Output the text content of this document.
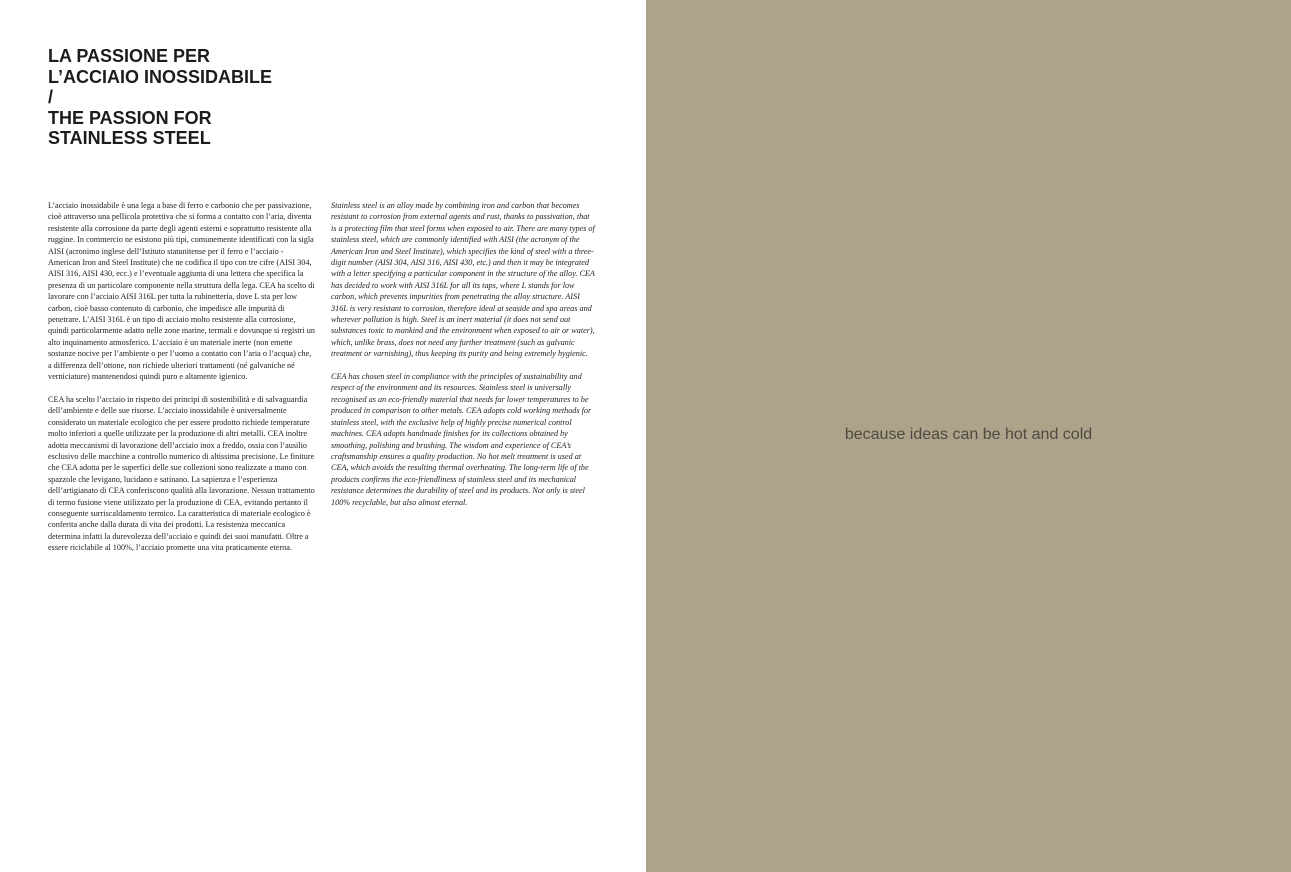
LA PASSIONE PER
L’ACCIAIO INOSSIDABILE
/
THE PASSION FOR
STAINLESS STEEL

L’acciaio inossidabile è una lega a base di ferro e carbonio che per passivazione, cioè attraverso una pellicola protettiva che si forma a contatto con l’aria, diventa resistente alla corrosione da parte degli agenti esterni e soprattutto resistente alla ruggine. In commercio ne esistono più tipi, comunemente identificati con la sigla AISI (acronimo inglese dell’Istituto statunitense per il ferro e l’acciaio - American Iron and Steel Institute) che ne codifica il tipo con tre cifre (AISI 304, AISI 316, AISI 430, ecc.) e l’eventuale aggiunta di una lettera che specifica la presenza di un particolare componente nella struttura della lega. CEA ha scelto di lavorare con l’acciaio AISI 316L per tutta la rubinetteria, dove L sta per low carbon, cioè basso contenuto di carbonio, che impedisce alle impurità di penetrare. L’AISI 316L è un tipo di acciaio molto resistente alla corrosione, quindi particolarmente adatto nelle zone marine, termali e dovunque si registri un alto inquinamento atmosferico. L’acciaio è un materiale inerte (non emette sostanze nocive per l’ambiente o per l’uomo a contatto con l’aria o l’acqua) che, a differenza dell’ottone, non richiede ulteriori trattamenti (né galvaniche né verniciature) mantenendosi quindi puro e altamente igienico.

CEA ha scelto l’acciaio in rispetto dei principi di sostenibilità e di salvaguardia dell’ambiente e delle sue risorse. L’acciaio inossidabile è universalmente considerato un materiale ecologico che per essere prodotto richiede temperature molto inferiori a quelle utilizzate per la produzione di altri metalli. CEA inoltre adotta meccanismi di lavorazione dell’acciaio inox a freddo, ossia con l’ausilio esclusivo delle macchine a controllo numerico di altissima precisione. Le finiture che CEA adotta per le superfici delle sue collezioni sono realizzate a mano con spazzole che levigano, lucidano e satinano. La sapienza e l’esperienza dell’artigianato di CEA conferiscono qualità alla lavorazione. Nessun trattamento di termo fusione viene utilizzato per la produzione di CEA, evitando pertanto il conseguente surriscaldamento termico. La caratteristica di materiale ecologico è conferita anche dalla durata di vita dei prodotti. La resistenza meccanica determina infatti la durevolezza dell’acciaio e quindi dei suoi manufatti. Oltre a essere riciclabile al 100%, l’acciaio promette una vita praticamente eterna.

Stainless steel is an alloy made by combining iron and carbon that becomes resistant to corrosion from external agents and rust, thanks to passivation, that is a protecting film that steel forms when exposed to air. There are many types of stainless steel, which are commonly identified with AISI (the acronym of the American Iron and Steel Institute), which specifies the kind of steel with a three-digit number (AISI 304, AISI 316, AISI 430, etc.) and then it may be integrated with a letter specifying a particular component in the structure of the alloy. CEA has decided to work with AISI 316L for all its taps, where L stands for low carbon, which prevents impurities from penetrating the alloy structure. AISI 316L is very resistant to corrosion, therefore ideal at seaside and spa areas and wherever pollution is high. Steel is an inert material (it does not send out substances toxic to mankind and the environment when exposed to air or water), which, unlike brass, does not need any further treatment (such as galvanic treatment or varnishing), thus keeping its purity and being extremely hygienic.

CEA has chosen steel in compliance with the principles of sustainability and respect of the environment and its resources. Stainless steel is universally recognised as an eco-friendly material that needs far lower temperatures to be produced in comparison to other metals. CEA adopts cold working methods for stainless steel, with the exclusive help of highly precise numerical control machines. CEA adopts handmade finishes for its collections obtained by smoothing, polishing and brushing. The wisdom and experience of CEA’s craftsmanship ensures a quality production. No hot melt treatment is used at CEA, which avoids the resulting thermal overheating. The long-term life of the products confirms the eco-friendliness of stainless steel and its mechanical resistance determines the durability of steel and its products. Not only is steel 100% recyclable, but also almost eternal.

because ideas can be hot and cold
